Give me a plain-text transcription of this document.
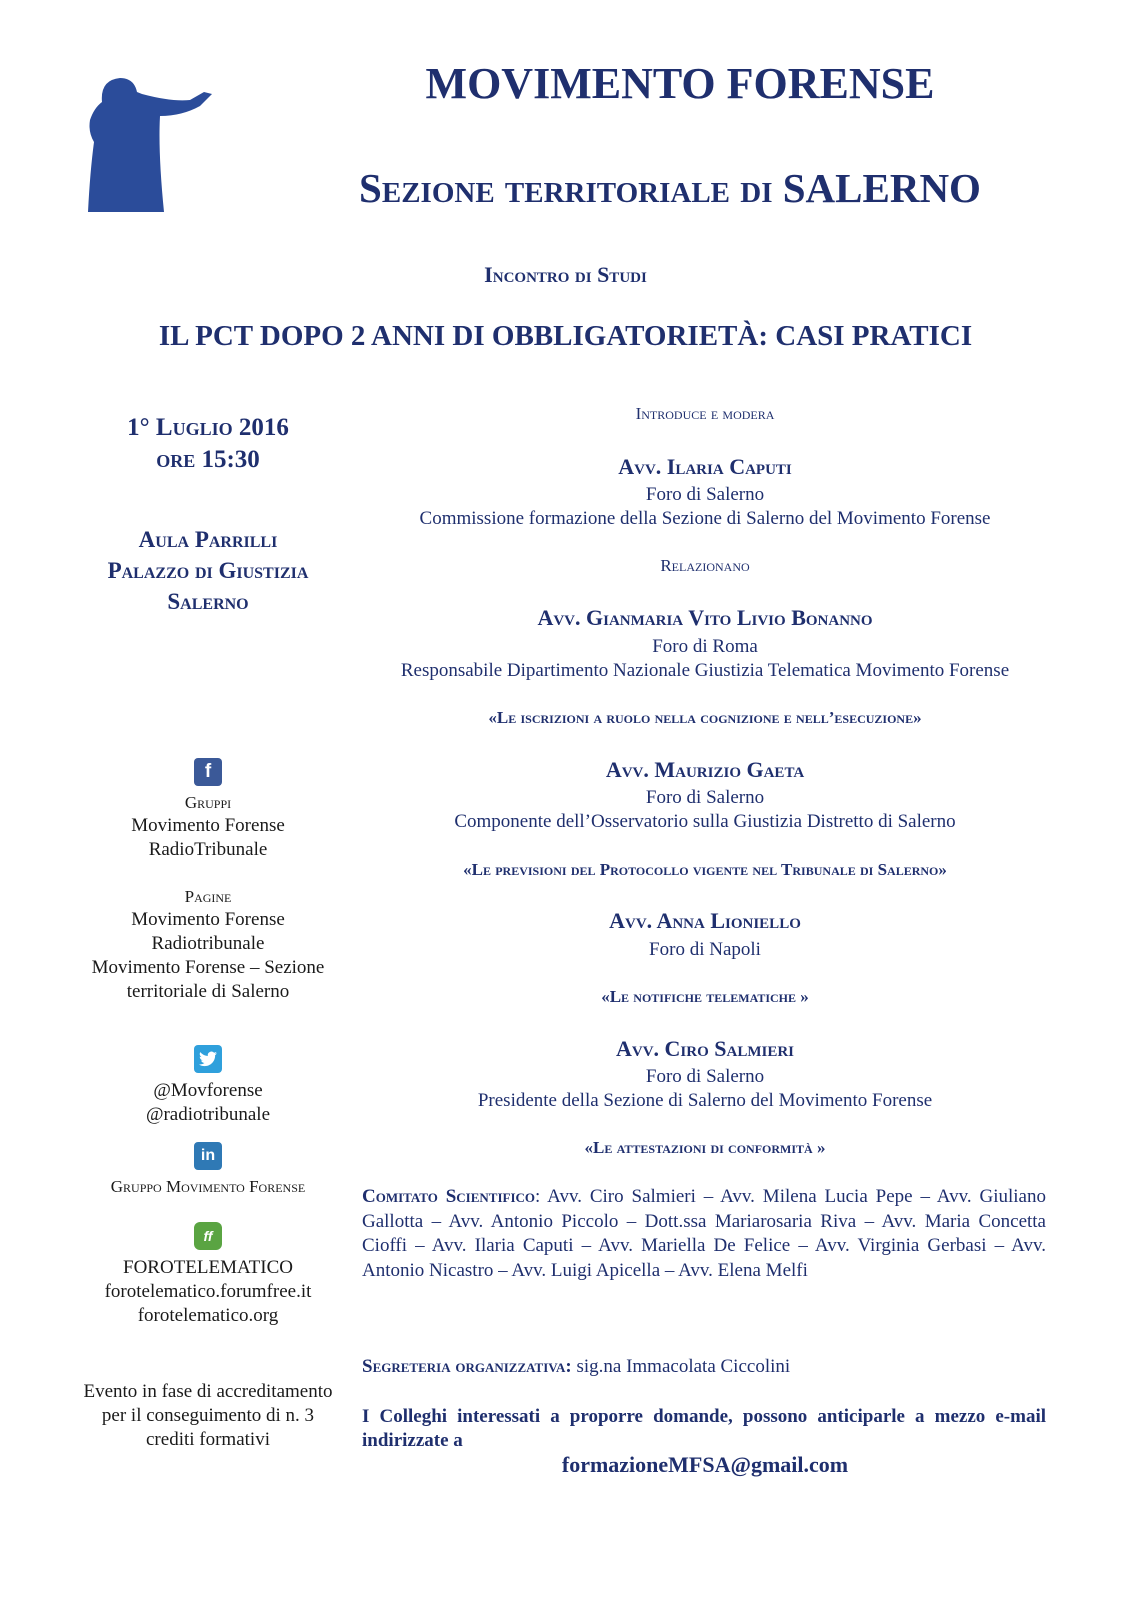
MOVIMENTO FORENSE
Sezione territoriale di SALERNO
Incontro di Studi
IL PCT DOPO 2 ANNI DI OBBLIGATORIETÀ: CASI PRATICI
1° Luglio 2016
ore 15:30
Aula Parrilli
Palazzo di Giustizia
Salerno
f
Gruppi
Movimento Forense
RadioTribunale
Pagine
Movimento Forense
Radiotribunale
Movimento Forense – Sezione
territoriale di Salerno
@Movforense
@radiotribunale
in
Gruppo Movimento Forense
ff
FOROTELEMATICO
forotelematico.forumfree.it
forotelematico.org
Evento in fase di accreditamento
per il conseguimento di n. 3
crediti formativi
Introduce e modera
Avv. Ilaria Caputi
Foro di Salerno
Commissione formazione della Sezione di Salerno del Movimento Forense
Relazionano
Avv. Gianmaria Vito Livio Bonanno
Foro di Roma
Responsabile Dipartimento Nazionale Giustizia Telematica Movimento Forense
«Le iscrizioni a ruolo nella cognizione e nell’esecuzione»
Avv. Maurizio Gaeta
Foro di Salerno
Componente dell’Osservatorio sulla Giustizia Distretto di Salerno
«Le previsioni del Protocollo vigente nel Tribunale di Salerno»
Avv. Anna Lioniello
Foro di Napoli
«Le notifiche telematiche »
Avv. Ciro Salmieri
Foro di Salerno
Presidente della Sezione di Salerno del Movimento Forense
«Le attestazioni di conformità »
Comitato Scientifico: Avv. Ciro Salmieri – Avv. Milena Lucia Pepe – Avv. Giuliano Gallotta – Avv. Antonio Piccolo – Dott.ssa Mariarosaria Riva – Avv. Maria Concetta Cioffi – Avv. Ilaria Caputi – Avv. Mariella De Felice – Avv. Virginia Gerbasi – Avv. Antonio Nicastro – Avv. Luigi Apicella – Avv. Elena Melfi
Segreteria organizzativa: sig.na Immacolata Ciccolini
I Colleghi interessati a proporre domande, possono anticiparle a mezzo e-mail indirizzate a
formazioneMFSA@gmail.com
